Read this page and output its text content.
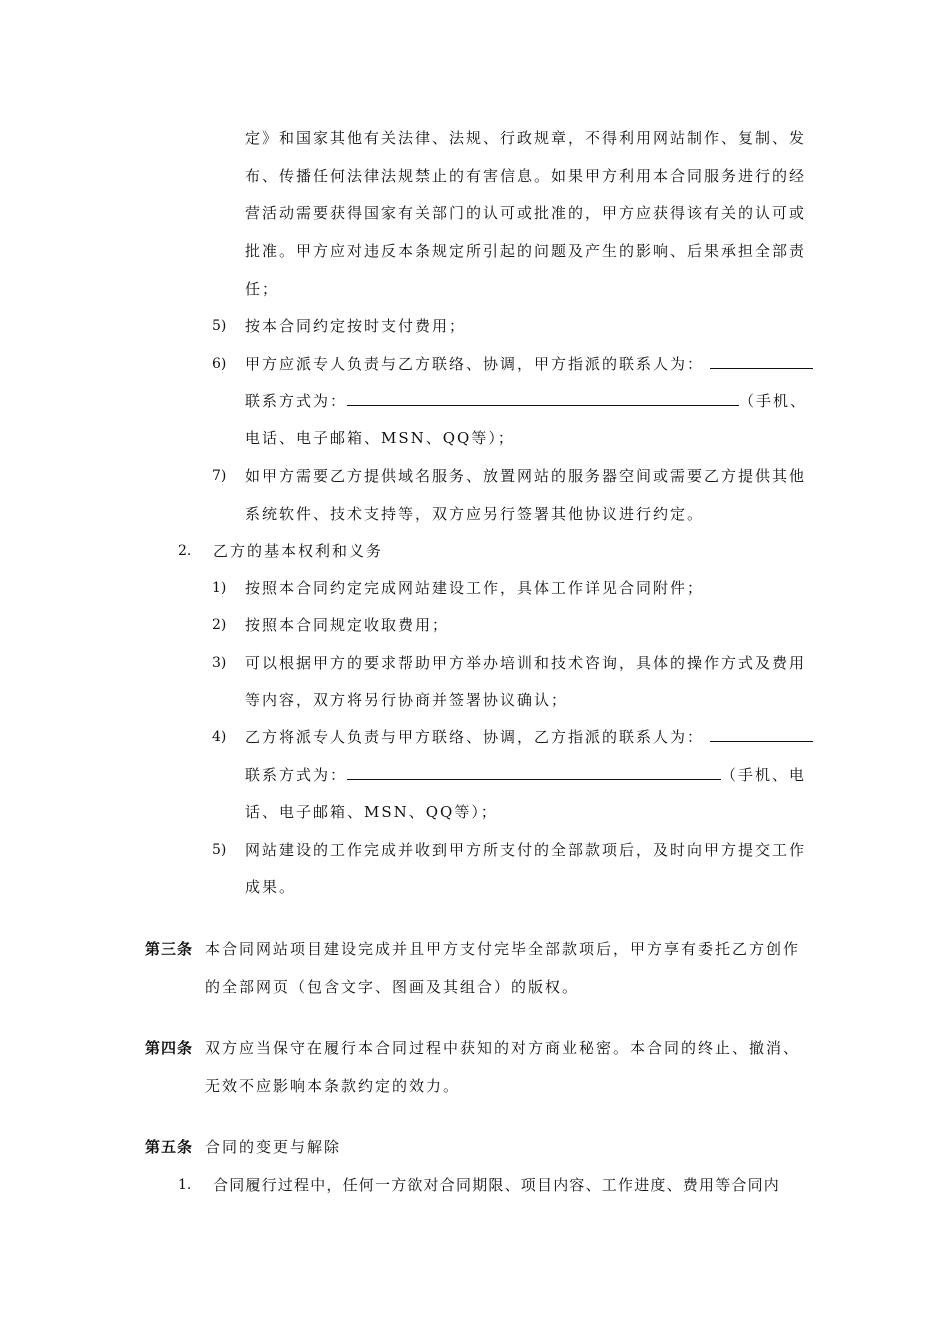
定》和国家其他有关法律、法规、行政规章，不得利用网站制作、复制、发
布、传播任何法律法规禁止的有害信息。如果甲方利用本合同服务进行的经
营活动需要获得国家有关部门的认可或批准的，甲方应获得该有关的认可或
批准。甲方应对违反本条规定所引起的问题及产生的影响、后果承担全部责
任；
5) 按本合同约定按时支付费用；
6) 甲方应派专人负责与乙方联络、协调，甲方指派的联系人为：
联系方式为：	（手机、
电话、电子邮箱、MSN、QQ等）；
7) 如甲方需要乙方提供域名服务、放置网站的服务器空间或需要乙方提供其他
系统软件、技术支持等，双方应另行签署其他协议进行约定。
2. 乙方的基本权利和义务
1) 按照本合同约定完成网站建设工作，具体工作详见合同附件；
2) 按照本合同规定收取费用；
3) 可以根据甲方的要求帮助甲方举办培训和技术咨询，具体的操作方式及费用
等内容，双方将另行协商并签署协议确认；
4) 乙方将派专人负责与甲方联络、协调，乙方指派的联系人为：
联系方式为：	（手机、电
话、电子邮箱、MSN、QQ等）；
5) 网站建设的工作完成并收到甲方所支付的全部款项后，及时向甲方提交工作
成果。
第三条 本合同网站项目建设完成并且甲方支付完毕全部款项后，甲方享有委托乙方创作
的全部网页（包含文字、图画及其组合）的版权。
第四条 双方应当保守在履行本合同过程中获知的对方商业秘密。本合同的终止、撤消、
无效不应影响本条款约定的效力。
第五条 合同的变更与解除
1. 合同履行过程中，任何一方欲对合同期限、项目内容、工作进度、费用等合同内
